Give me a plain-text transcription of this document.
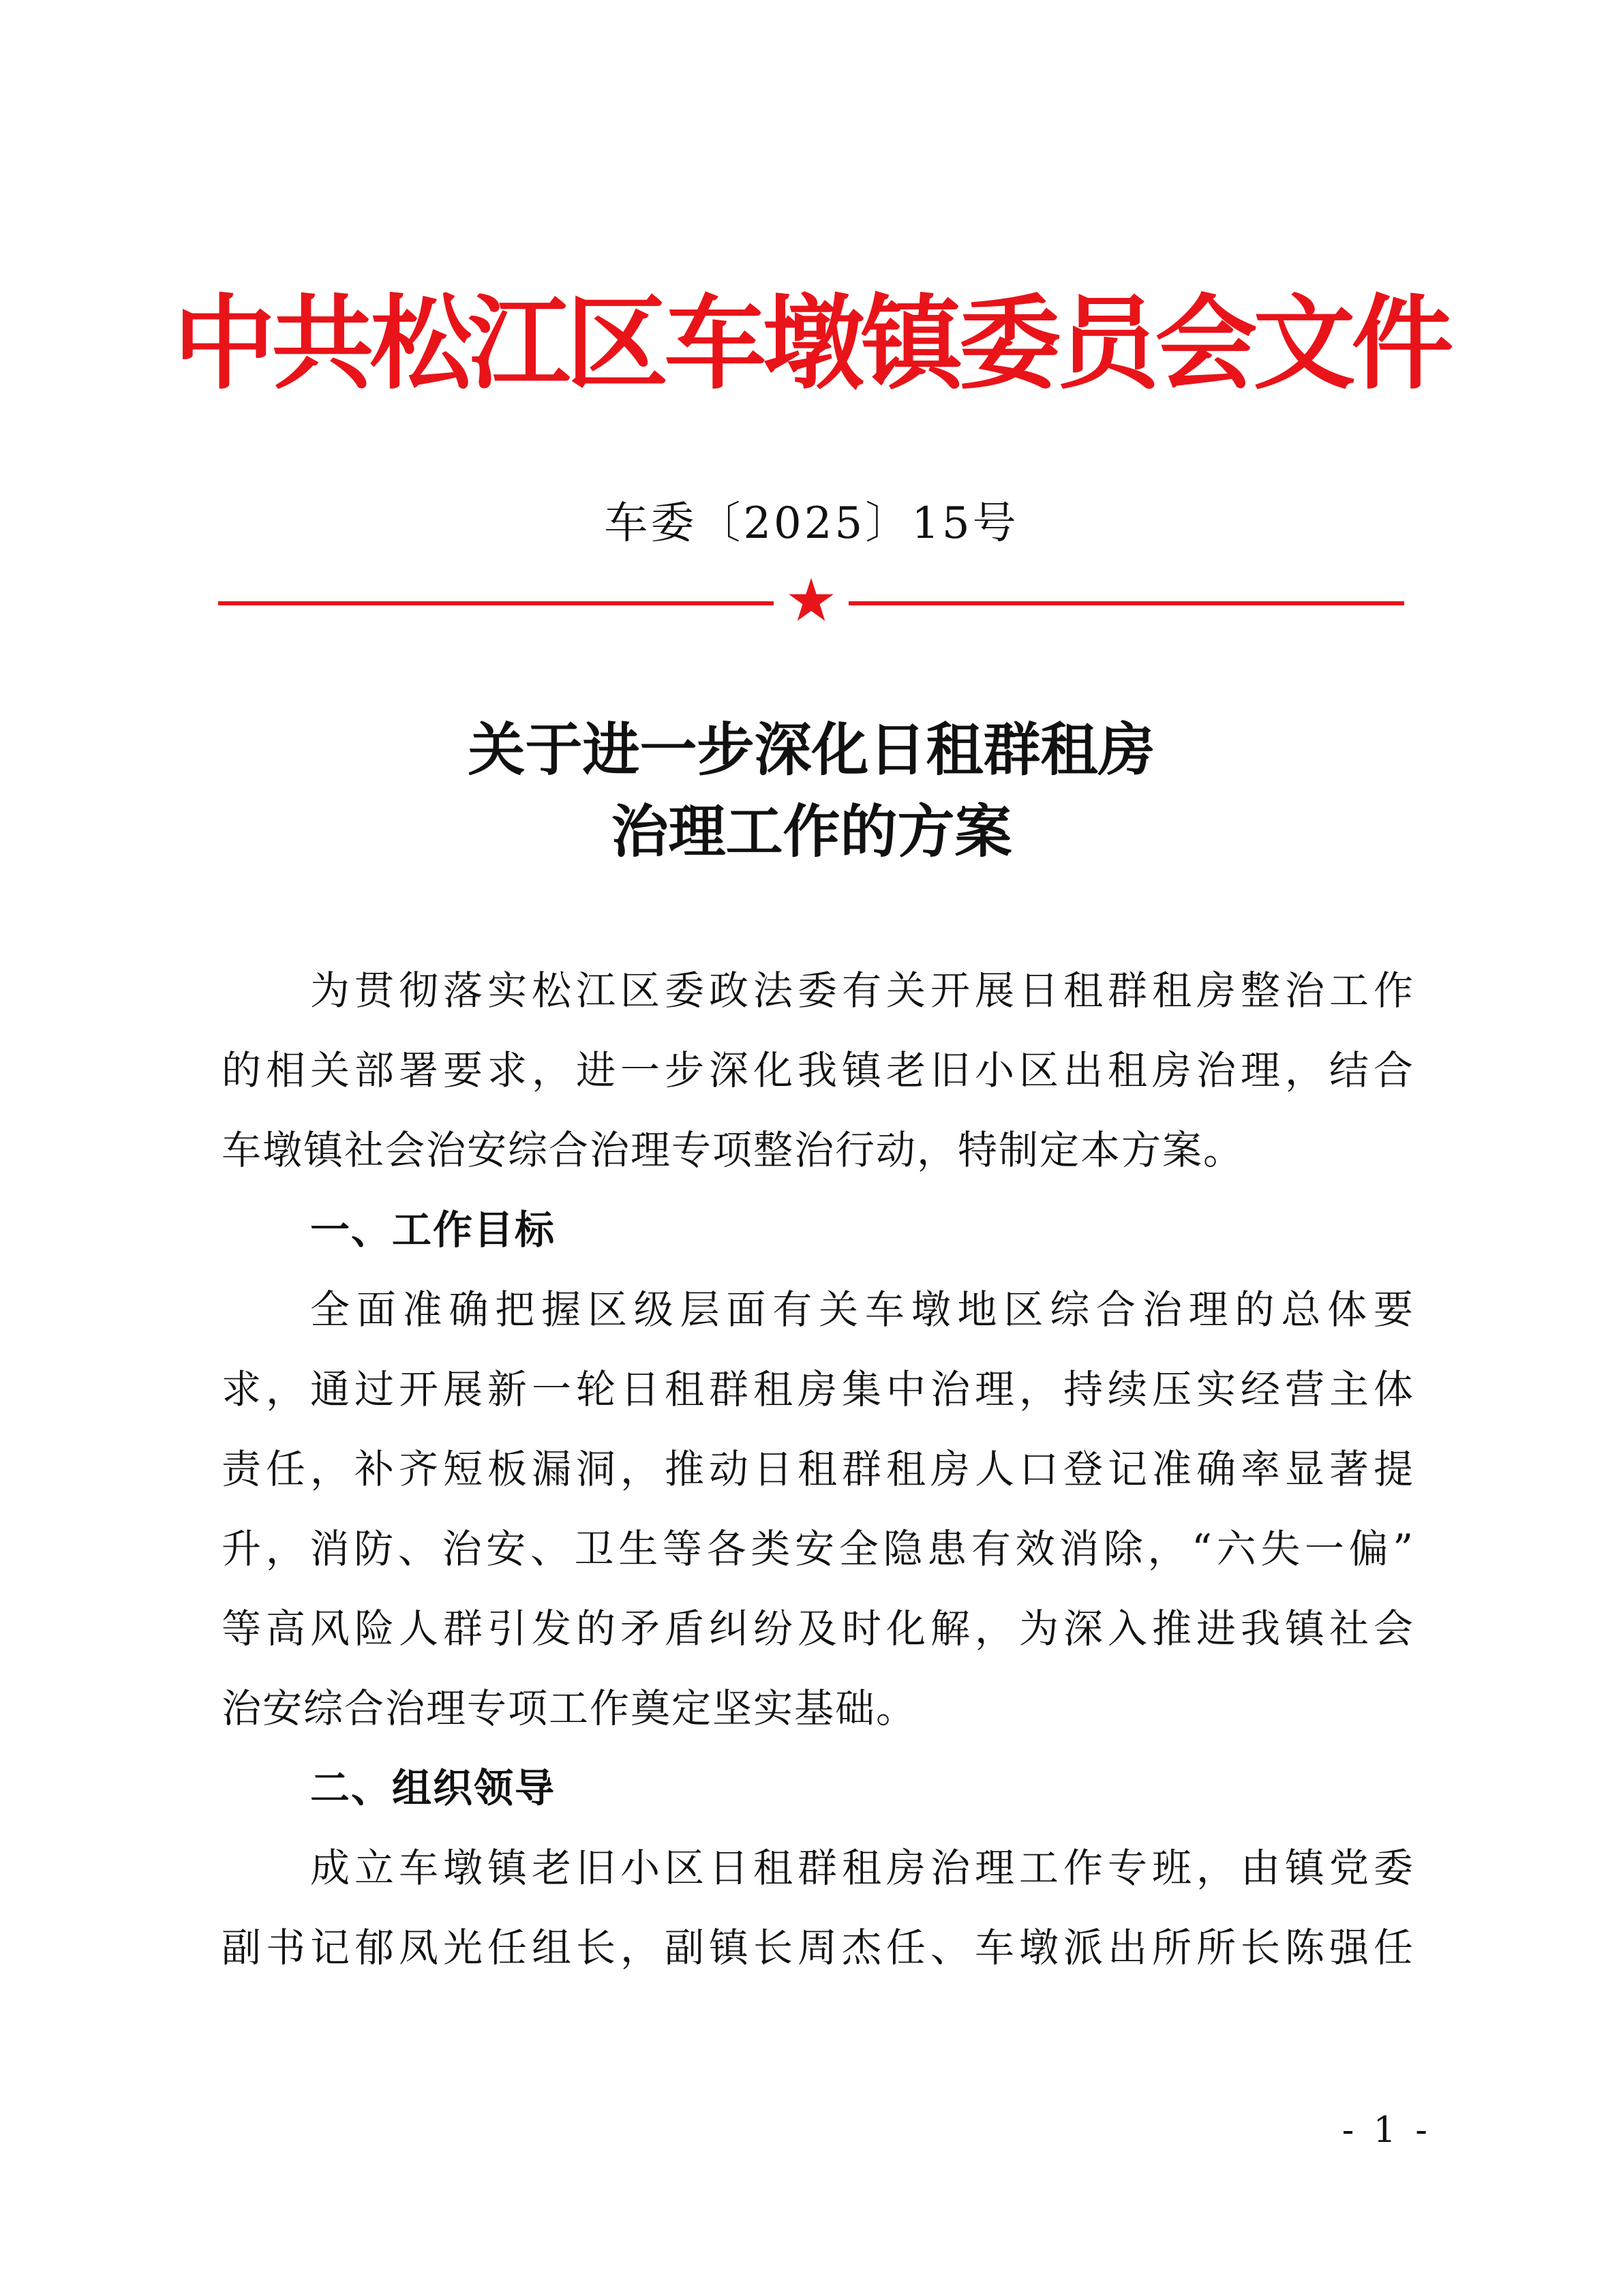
中共松江区车墩镇委员会文件
车委〔2025〕15号
关于进一步深化日租群租房
治理工作的方案
为贯彻落实松江区委政法委有关开展日租群租房整治工作
的相关部署要求，进一步深化我镇老旧小区出租房治理，结合
车墩镇社会治安综合治理专项整治行动，特制定本方案。
一、工作目标
全面准确把握区级层面有关车墩地区综合治理的总体要
求，通过开展新一轮日租群租房集中治理，持续压实经营主体
责任，补齐短板漏洞，推动日租群租房人口登记准确率显著提
升，消防、治安、卫生等各类安全隐患有效消除，“六失一偏”
等高风险人群引发的矛盾纠纷及时化解，为深入推进我镇社会
治安综合治理专项工作奠定坚实基础。
二、组织领导
成立车墩镇老旧小区日租群租房治理工作专班，由镇党委
副书记郁凤光任组长，副镇长周杰任、车墩派出所所长陈强任
- 1 -
